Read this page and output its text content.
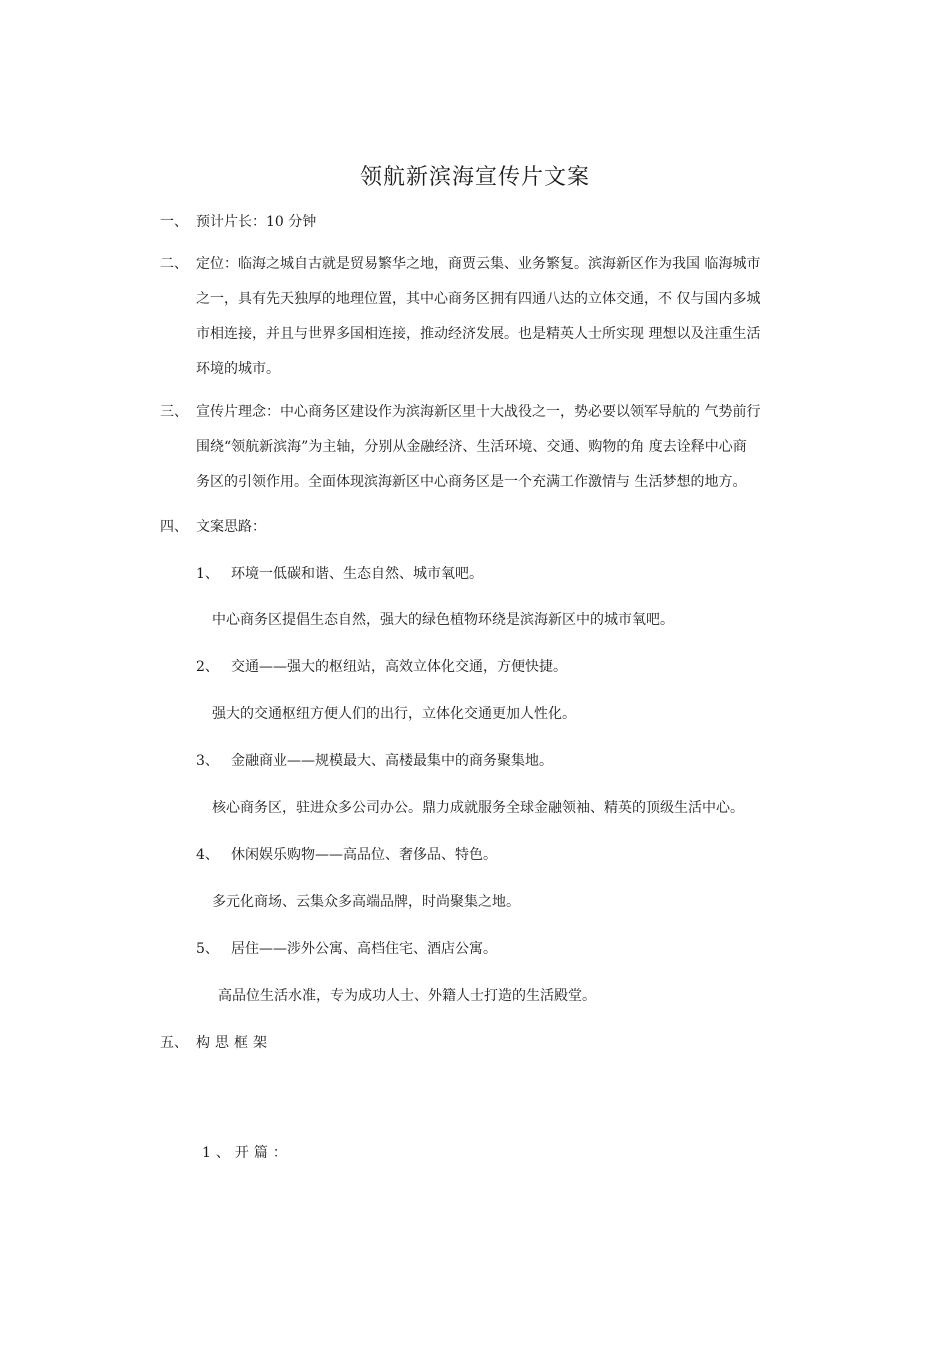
领航新滨海宣传片文案
一、 预计片长：10 分钟
二、 定位：临海之城自古就是贸易繁华之地，商贾云集、业务繁复。滨海新区作为我国 临海城市
之一，具有先天独厚的地理位置，其中心商务区拥有四通八达的立体交通，不 仅与国内多城
市相连接，并且与世界多国相连接，推动经济发展。也是精英人士所实现 理想以及注重生活
环境的城市。
三、 宣传片理念：中心商务区建设作为滨海新区里十大战役之一，势必要以领军导航的 气势前行
围绕“领航新滨海”为主轴，分别从金融经济、生活环境、交通、购物的角 度去诠释中心商
务区的引领作用。全面体现滨海新区中心商务区是一个充满工作激情与 生活梦想的地方。
四、 文案思路：
1、 环境一低碳和谐、生态自然、城市氧吧。
中心商务区提倡生态自然，强大的绿色植物环绕是滨海新区中的城市氧吧。
2、 交通——强大的枢纽站，高效立体化交通，方便快捷。
强大的交通枢纽方便人们的出行，立体化交通更加人性化。
3、 金融商业——规模最大、高楼最集中的商务聚集地。
核心商务区，驻进众多公司办公。鼎力成就服务全球金融领袖、精英的顶级生活中心。
4、 休闲娱乐购物——高品位、奢侈品、特色。
多元化商场、云集众多高端品牌，时尚聚集之地。
5、 居住——涉外公寓、高档住宅、酒店公寓。
高品位生活水准，专为成功人士、外籍人士打造的生活殿堂。
五、 构思框架
1、开篇：
